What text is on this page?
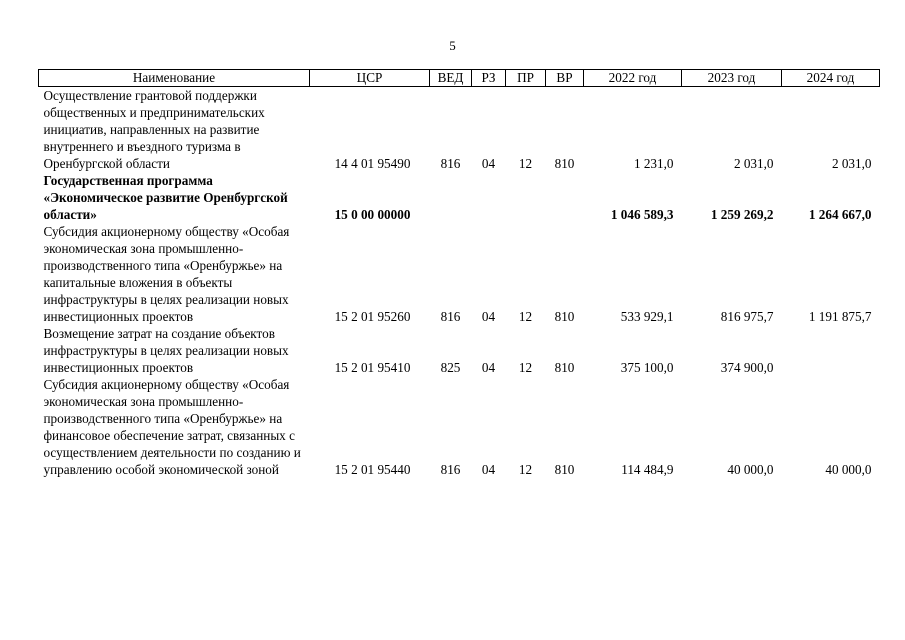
5
Наименование	ЦСР	ВЕД	РЗ	ПР	ВР	2022 год	2023 год	2024 год
Осуществление грантовой поддержки общественных и предпринимательских инициатив, направленных на развитие внутреннего и въездного туризма в Оренбургской области	14 4 01 95490	816	04	12	810	1 231,0	2 031,0	2 031,0
Государственная программа «Экономическое развитие Оренбургской области»	15 0 00 00000					1 046 589,3	1 259 269,2	1 264 667,0
Субсидия акционерному обществу «Особая экономическая зона промышленно-производственного типа «Оренбуржье» на капитальные вложения в объекты инфраструктуры в целях реализации новых инвестиционных проектов	15 2 01 95260	816	04	12	810	533 929,1	816 975,7	1 191 875,7
Возмещение затрат на создание объектов инфраструктуры в целях реализации новых инвестиционных проектов	15 2 01 95410	825	04	12	810	375 100,0	374 900,0	
Субсидия акционерному обществу «Особая экономическая зона промышленно-производственного типа «Оренбуржье» на финансовое обеспечение затрат, связанных с осуществлением деятельности по созданию и управлению особой экономической зоной	15 2 01 95440	816	04	12	810	114 484,9	40 000,0	40 000,0
